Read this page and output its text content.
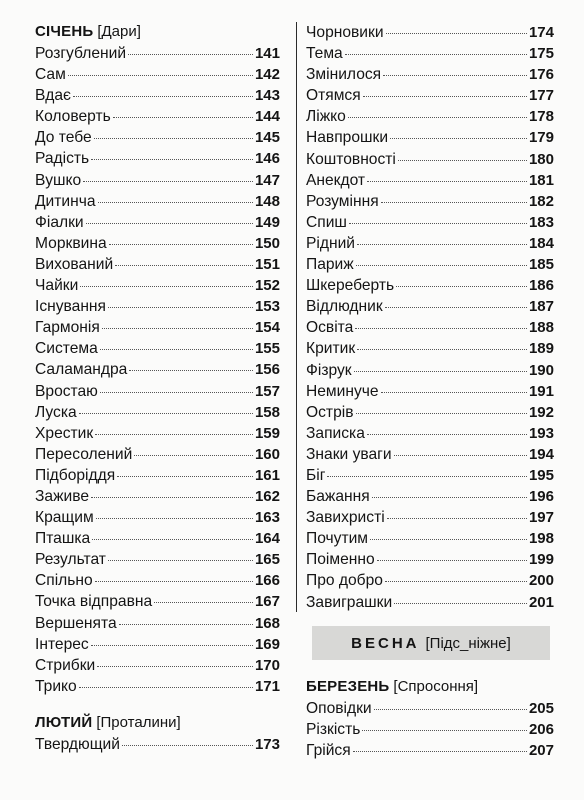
СІЧЕНЬ [Дари]
Розгублений	141
Сам	142
Вдає	143
Коловерть	144
До тебе	145
Радість	146
Вушко	147
Дитинча	148
Фіалки	149
Морквина	150
Вихований	151
Чайки	152
Існування	153
Гармонія	154
Система	155
Саламандра	156
Вростаю	157
Луска	158
Хрестик	159
Пересолений	160
Підборіддя	161
Заживе	162
Кращим	163
Пташка	164
Результат	165
Спільно	166
Точка відправна	167
Вершенята	168
Інтерес	169
Стрибки	170
Трико	171
ЛЮТИЙ [Проталини]
Твердющий	173
Чорновики	174
Тема	175
Змінилося	176
Отямся	177
Ліжко	178
Навпрошки	179
Коштовності	180
Анекдот	181
Розуміння	182
Спиш	183
Рідний	184
Париж	185
Шкереберть	186
Відлюдник	187
Освіта	188
Критик	189
Фізрук	190
Неминуче	191
Острів	192
Записка	193
Знаки уваги	194
Біг	195
Бажання	196
Завихристі	197
Почутим	198
Поіменно	199
Про добро	200
Завиграшки	201
БЕРЕЗЕНЬ [Спросоння]
Оповідки	205
Різкість	206
Грійся	207
ВЕСНА [Підс_ніжне]
